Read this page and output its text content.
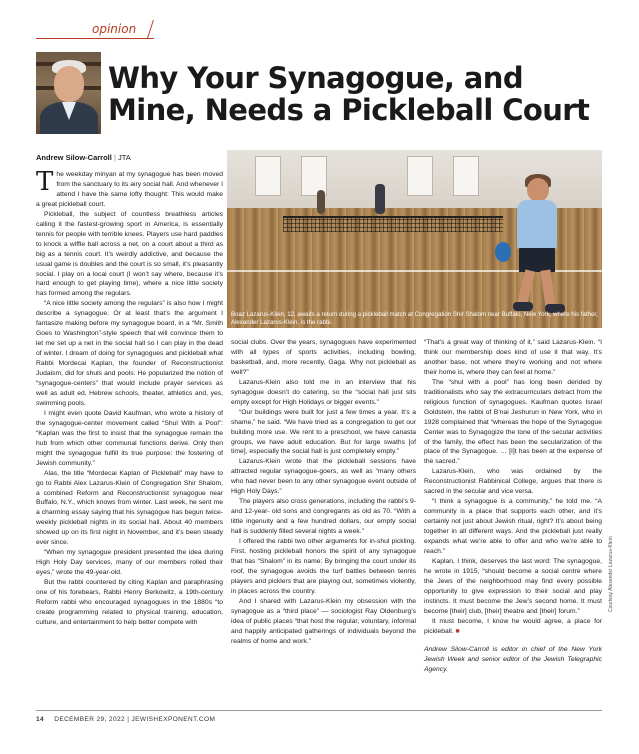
opinion
Why Your Synagogue, and Mine, Needs a Pickleball Court
Andrew Silow-Carroll | JTA
Boaz Lazarus-Klein, 12, awaits a return during a pickleball match at Congregation Shir Shalom near Buffalo, New York, where his father, Alexander Lazarus-Klein, is the rabbi.

The weekday minyan at my synagogue has been moved from the sanctuary to its airy social hall. And whenever I attend I have the same lofty thought: This would make a great pickleball court.

Pickleball, the subject of countless breathless articles calling it the fastest-growing sport in America, is essentially tennis for people with terrible knees. Players use hard paddles to knock a wiffle ball across a net, on a court about a third as big as a tennis court. It’s weirdly addictive, and because the usual game is doubles and the court is so small, it’s pleasantly social. I play on a local court (I won’t say where, because it’s hard enough to get playing time), where a nice little society has formed among the regulars.

“A nice little society among the regulars” is also how I might describe a synagogue. Or at least that’s the argument I fantasize making before my synagogue board, in a “Mr. Smith Goes to Washington”-style speech that will convince them to let me set up a net in the social hall so I can play in the dead of winter. I dream of doing for synagogues and pickleball what Rabbi Mordecai Kaplan, the founder of Reconstructionist Judaism, did for shuls and pools: He popularized the notion of “synagogue-centers” that would include prayer services as well as adult ed, Hebrew schools, theater, athletics and, yes, swimming pools.

I might even quote David Kaufman, who wrote a history of the synagogue-center movement called “Shul With a Pool”: “Kaplan was the first to insist that the synagogue remain the hub from which other communal functions derive. Only then might the synagogue fulfill its true purpose: the fostering of Jewish community.”

Alas, the title “Mordecai Kaplan of Pickleball” may have to go to Rabbi Alex Lazarus-Klein of Congregation Shir Shalom, a combined Reform and Reconstructionist synagogue near Buffalo, N.Y., which knows from winter. Last week, he sent me a charming essay saying that his synagogue has begun twice-weekly pickleball nights in its social hall. About 40 members showed up on its first night in November, and it’s been steady ever since.

“When my synagogue president presented the idea during High Holy Day services, many of our members rolled their eyes,” wrote the 49-year-old.

But the rabbi countered by citing Kaplan and paraphrasing one of his forebears, Rabbi Henry Berkowitz, a 19th-century Reform rabbi who encouraged synagogues in the 1880s “to create programming related to physical training, education, culture, and entertainment to help better compete with

social clubs. Over the years, synagogues have experimented with all types of sports activities, including bowling, basketball, and, more recently, Gaga. Why not pickleball as well?”

Lazarus-Klein also told me in an interview that his synagogue doesn’t do catering, so the “social hall just sits empty except for High Holidays or bigger events.”

“Our buildings were built for just a few times a year. It’s a shame,” he said. “We have tried as a congregation to get our building more use. We rent to a preschool, we have canasta groups, we have adult education. But for large swaths [of time], especially the social hall is just completely empty.”

Lazarus-Klein wrote that the pickleball sessions have attracted regular synagogue-goers, as well as “many others who had never been to any other synagogue event outside of High Holy Days.”

The players also cross generations, including the rabbi’s 9- and 12-year- old sons and congregants as old as 70. “With a little ingenuity and a few hundred dollars, our empty social hall is suddenly filled several nights a week.”

I offered the rabbi two other arguments for in-shul pickling. First, hosting pickleball honors the spirit of any synagogue that has “Shalom” in its name: By bringing the court under its roof, the synagogue avoids the turf battles between tennis players and picklers that are playing out, sometimes violently, in places across the country.

And I shared with Lazarus-Klein my obsession with the synagogue as a “third place” — sociologist Ray Oldenburg’s idea of public places “that host the regular, voluntary, informal and happily anticipated gatherings of individuals beyond the realms of home and work.”

“That’s a great way of thinking of it,” said Lazarus-Klein. “I think our membership does kind of use it that way. It’s another base, not where they’re working and not where their home is, where they can feel at home.”

The “shul with a pool” has long been derided by traditionalists who say the extracurriculars detract from the religious function of synagogues. Kaufman quotes Israel Goldstein, the rabbi of B’nai Jeshurun in New York, who in 1928 complained that “whereas the hope of the Synagogue Center was to Synagogize the tone of the secular activities of the family, the effect has been the secularization of the place of the Synagogue. … [I]t has been at the expense of the sacred.”

Lazarus-Klein, who was ordained by the Reconstructionist Rabbinical College, argues that there is sacred in the secular and vice versa.

“I think a synagogue is a community,” he told me. “A community is a place that supports each other, and it’s certainly not just about Jewish ritual, right? It’s about being together in all different ways. And the pickleball just really expands what we’re able to offer and who we’re able to reach.”

Kaplan, I think, deserves the last word: The synagogue, he wrote in 1915, “should become a social centre where the Jews of the neighborhood may find every possible opportunity to give expression to their social and play instincts. It must become the Jew’s second home. It must become [their] club, [their] theatre and [their] forum.”

It must become, I know he would agree, a place for pickleball. ■

Andrew Silow-Carroll is editor in chief of the New York Jewish Week and senior editor of the Jewish Telegraphic Agency.

Courtesy Alexander Lazarus-Klein
14 DECEMBER 29, 2022 | JEWISHEXPONENT.COM
